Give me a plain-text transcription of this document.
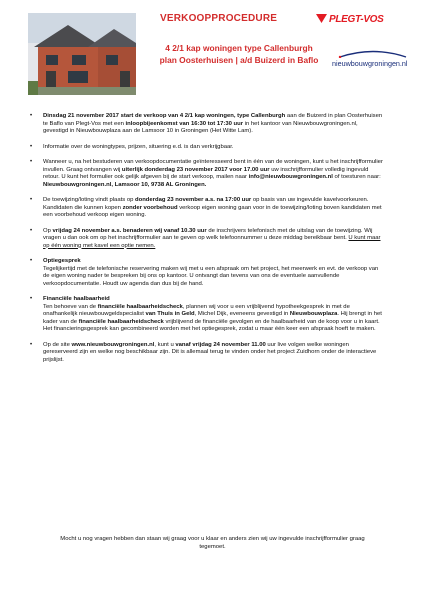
VERKOOPPROCEDURE
4 2/1 kap woningen type Callenburgh
plan Oosterhuisen | a/d Buizerd in Baflo
PLEGT-VOS
nieuwbouwgroningen.nl
• Dinsdag 21 november 2017 start de verkoop van 4 2/1 kap woningen, type Callenburgh aan de Buizerd in plan Oosterhuisen te Baflo van Plegt-Vos met een inloopbijeenkomst van 16:30 tot 17:30 uur in het kantoor van Nieuwbouwgroningen.nl, gevestigd in Nieuwbouwplaza aan de Lamsoor 10 in Groningen (Het Witte Lam).
• Informatie over de woningtypes, prijzen, situering e.d. is dan verkrijgbaar.
• Wanneer u, na het bestuderen van verkoopdocumentatie geïnteresseerd bent in één van de woningen, kunt u het inschrijfformulier invullen. Graag ontvangen wij uiterlijk donderdag 23 november 2017 voor 17.00 uur uw inschrijfformulier volledig ingevuld retour. U kunt het formulier ook gelijk afgeven bij de start verkoop, mailen naar info@nieuwbouwgroningen.nl of toesturen naar: Nieuwbouwgroningen.nl, Lamsoor 10, 9738 AL Groningen.
• De toewijzing/loting vindt plaats op donderdag 23 november a.s. na 17:00 uur op basis van uw ingevulde kavelvoorkeuren. Kandidaten die kunnen kopen zonder voorbehoud verkoop eigen woning gaan voor in de toewijzing/loting boven kandidaten met een voorbehoud verkoop eigen woning.
• Op vrijdag 24 november a.s. benaderen wij vanaf 10.30 uur de inschrijvers telefonisch met de uitslag van de toewijzing. Wij vragen u dan ook om op het inschrijfformulier aan te geven op welk telefoonnummer u deze middag bereikbaar bent. U kunt maar op één woning met kavel een optie nemen.
• Optiegesprek
Tegelijkertijd met de telefonische reservering maken wij met u een afspraak om het project, het meerwerk en evt. de verkoop van de eigen woning nader te bespreken bij ons op kantoor. U ontvangt dan tevens van ons de eventuele aanvullende verkoopdocumentatie. Houdt uw agenda dan dus bij de hand.
• Financiële haalbaarheid
Ten behoeve van de financiële haalbaarheidscheck, plannen wij voor u een vrijblijvend hypotheekgesprek in met de onafhankelijk nieuwbouwgeldspecialist van Thuis in Geld, Michel Dijk, eveneens gevestigd in Nieuwbouwplaza. Hij brengt in het kader van de financiële haalbaarheidscheck vrijblijvend de financiële gevolgen en de haalbaarheid van de koop voor u in kaart. Het financieringsgesprek kan gecombineerd worden met het optiegesprek, zodat u maar één keer een afspraak hoeft te maken.
• Op de site www.nieuwbouwgroningen.nl, kunt u vanaf vrijdag 24 november 11.00 uur live volgen welke woningen gereserveerd zijn en welke nog beschikbaar zijn. Dit is allemaal terug te vinden onder het project Zuidhorn onder de interactieve prijslijst.
Mocht u nog vragen hebben dan staan wij graag voor u klaar en anders zien wij uw ingevulde inschrijfformulier graag tegemoet.
